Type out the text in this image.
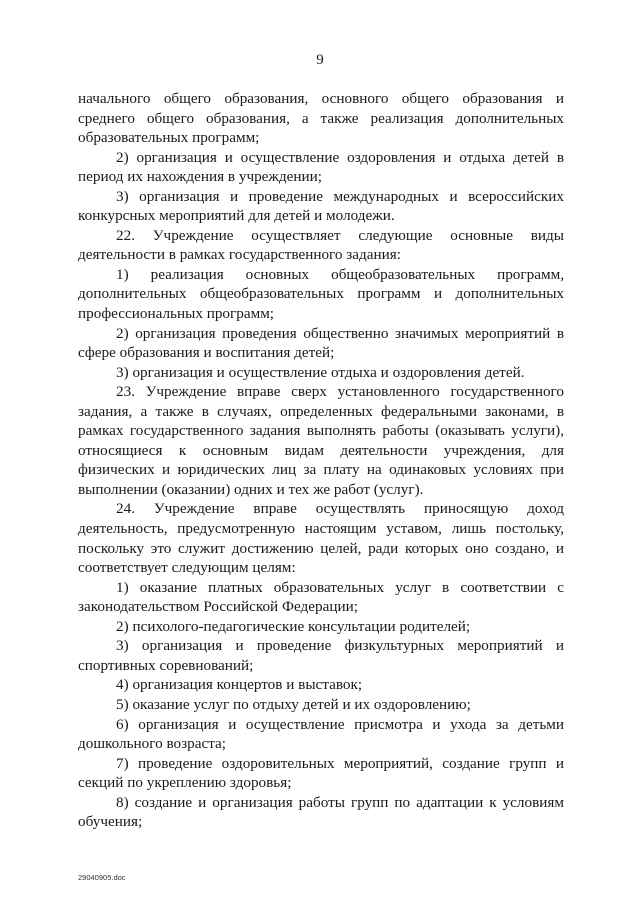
9

начального общего образования, основного общего образования и среднего общего образования, а также реализация дополнительных образовательных программ;

2) организация и осуществление оздоровления и отдыха детей в период их нахождения в учреждении;

3) организация и проведение международных и всероссийских конкурсных мероприятий для детей и молодежи.

22. Учреждение осуществляет следующие основные виды деятельности в рамках государственного задания:

1) реализация основных общеобразовательных программ, дополнительных общеобразовательных программ и дополнительных профессиональных программ;

2) организация проведения общественно значимых мероприятий в сфере образования и воспитания детей;

3) организация и осуществление отдыха и оздоровления детей.

23. Учреждение вправе сверх установленного государственного задания, а также в случаях, определенных федеральными законами, в рамках государственного задания выполнять работы (оказывать услуги), относящиеся к основным видам деятельности учреждения, для физических и юридических лиц за плату на одинаковых условиях при выполнении (оказании) одних и тех же работ (услуг).

24. Учреждение вправе осуществлять приносящую доход деятельность, предусмотренную настоящим уставом, лишь постольку, поскольку это служит достижению целей, ради которых оно создано, и соответствует следующим целям:

1) оказание платных образовательных услуг в соответствии с законодательством Российской Федерации;

2) психолого-педагогические консультации родителей;

3) организация и проведение физкультурных мероприятий и спортивных соревнований;

4) организация концертов и выставок;

5) оказание услуг по отдыху детей и их оздоровлению;

6) организация и осуществление присмотра и ухода за детьми дошкольного возраста;

7) проведение оздоровительных мероприятий, создание групп и секций по укреплению здоровья;

8) создание и организация работы групп по адаптации к условиям обучения;

29040905.doc
